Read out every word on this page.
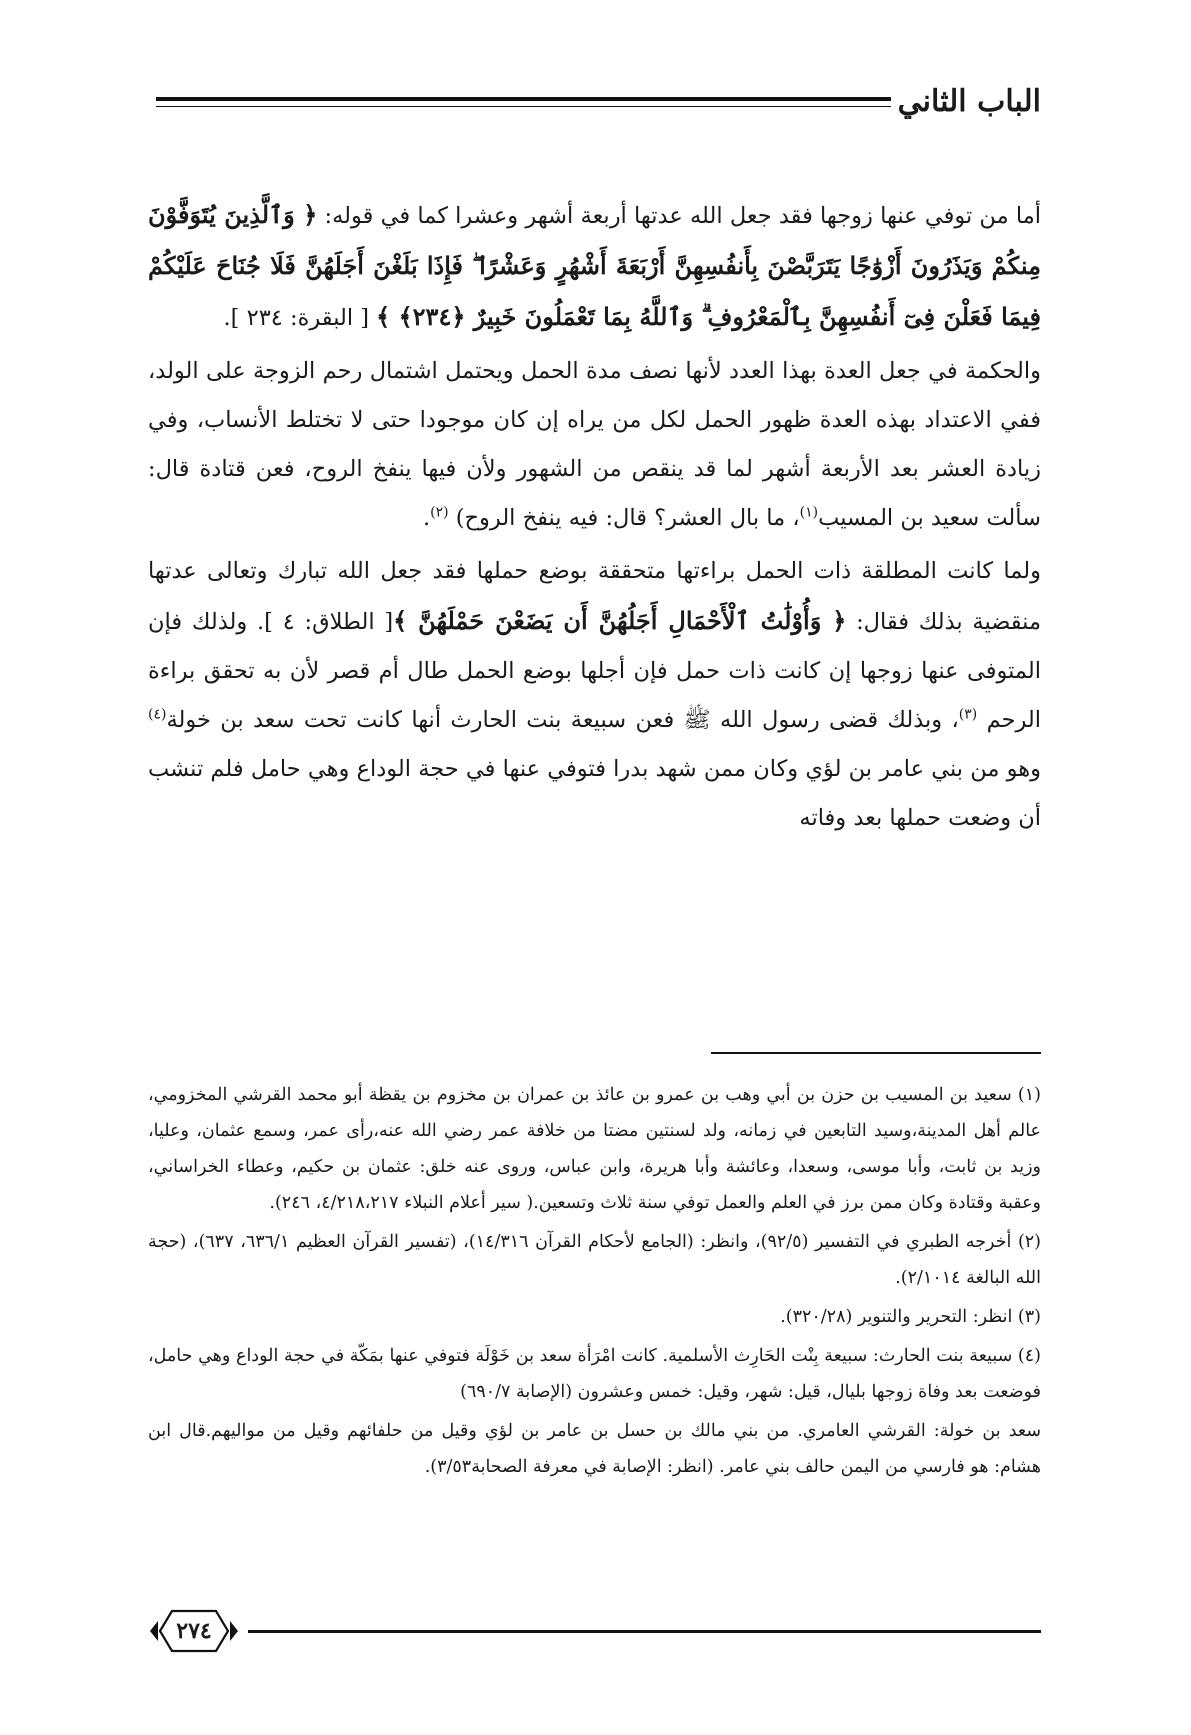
الباب الثاني

أما من توفي عنها زوجها فقد جعل الله عدتها أربعة أشهر وعشرا كما في قوله: ﴿ وَٱلَّذِينَ يُتَوَفَّوْنَ مِنكُمْ وَيَذَرُونَ أَزْوَٰجًا يَتَرَبَّصْنَ بِأَنفُسِهِنَّ أَرْبَعَةَ أَشْهُرٍ وَعَشْرًا ۖ فَإِذَا بَلَغْنَ أَجَلَهُنَّ فَلَا جُنَاحَ عَلَيْكُمْ فِيمَا فَعَلْنَ فِىٓ أَنفُسِهِنَّ بِٱلْمَعْرُوفِ ۗ وَٱللَّهُ بِمَا تَعْمَلُونَ خَبِيرٌ ﴿٢٣٤﴾ ﴾ [ البقرة: ٢٣٤ ].

والحكمة في جعل العدة بهذا العدد لأنها نصف مدة الحمل ويحتمل اشتمال رحم الزوجة على الولد، ففي الاعتداد بهذه العدة ظهور الحمل لكل من يراه إن كان موجودا حتى لا تختلط الأنساب، وفي زيادة العشر بعد الأربعة أشهر لما قد ينقص من الشهور ولأن فيها ينفخ الروح، فعن قتادة قال: سألت سعيد بن المسيب$^{(١)}$، ما بال العشر؟ قال: فيه ينفخ الروح) $^{(٢)}$.

ولما كانت المطلقة ذات الحمل براءتها متحققة بوضع حملها فقد جعل الله تبارك وتعالى عدتها منقضية بذلك فقال: ﴿ وَأُوْلَٰتُ ٱلْأَحْمَالِ أَجَلُهُنَّ أَن يَضَعْنَ حَمْلَهُنَّ ﴾[ الطلاق: ٤ ]. ولذلك فإن المتوفى عنها زوجها إن كانت ذات حمل فإن أجلها بوضع الحمل طال أم قصر لأن به تحقق براءة الرحم $^{(٣)}$، وبذلك قضى رسول الله ﷺ فعن سبيعة بنت الحارث أنها كانت تحت سعد بن خولة$^{(٤)}$ وهو من بني عامر بن لؤي وكان ممن شهد بدرا فتوفي عنها في حجة الوداع وهي حامل فلم تنشب أن وضعت حملها بعد وفاته

(١) سعيد بن المسيب بن حزن بن أبي وهب بن عمرو بن عائذ بن عمران بن مخزوم بن يقظة أبو محمد القرشي المخزومي، عالم أهل المدينة،وسيد التابعين في زمانه، ولد لسنتين مضتا من خلافة عمر رضي الله عنه،رأى عمر، وسمع عثمان، وعليا، وزيد بن ثابت، وأبا موسى، وسعدا، وعائشة وأبا هريرة، وابن عباس، وروى عنه خلق: عثمان بن حكيم، وعطاء الخراساني، وعقبة وقتادة وكان ممن برز في العلم والعمل توفي سنة ثلاث وتسعين.( سير أعلام النبلاء ٤/٢١٨،٢١٧، ٢٤٦).

(٢) أخرجه الطبري في التفسير (٩٢/٥)، وانظر: (الجامع لأحكام القرآن ١٤/٣١٦)، (تفسير القرآن العظيم ٦٣٦/١، ٦٣٧)، (حجة الله البالغة ٢/١٠١٤).

(٣) انظر: التحرير والتنوير (٣٢٠/٢٨).

(٤) سبيعة بنت الحارث: سبيعة بِنْت الحَارِث الأسلمية. كانت امْرَأة سعد بن خَوْلَة فتوفي عنها بمَكّة في حجة الوداع وهي حامل، فوضعت بعد وفاة زوجها بليال، قيل: شهر، وقيل: خمس وعشرون (الإصابة ٦٩٠/٧)

سعد بن خولة: القرشي العامري. من بني مالك بن حسل بن عامر بن لؤي وقيل من حلفائهم وقيل من مواليهم.قال ابن هشام: هو فارسي من اليمن حالف بني عامر. (انظر: الإصابة في معرفة الصحابة٣/٥٣).

٢٧٤
